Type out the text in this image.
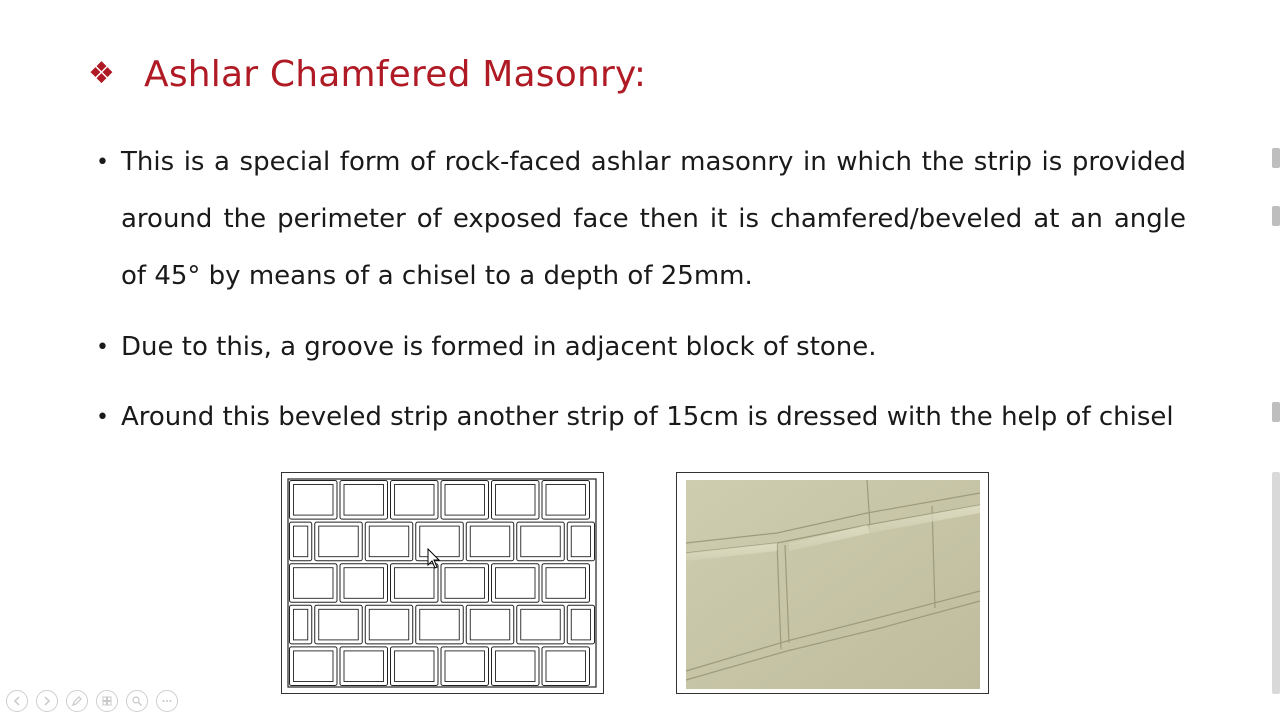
❖ Ashlar Chamfered Masonry:
• This is a special form of rock-faced ashlar masonry in which the strip is provided around the perimeter of exposed face then it is chamfered/beveled at an angle of 45° by means of a chisel to a depth of 25mm.
• Due to this, a groove is formed in adjacent block of stone.
• Around this beveled strip another strip of 15cm is dressed with the help of chisel
